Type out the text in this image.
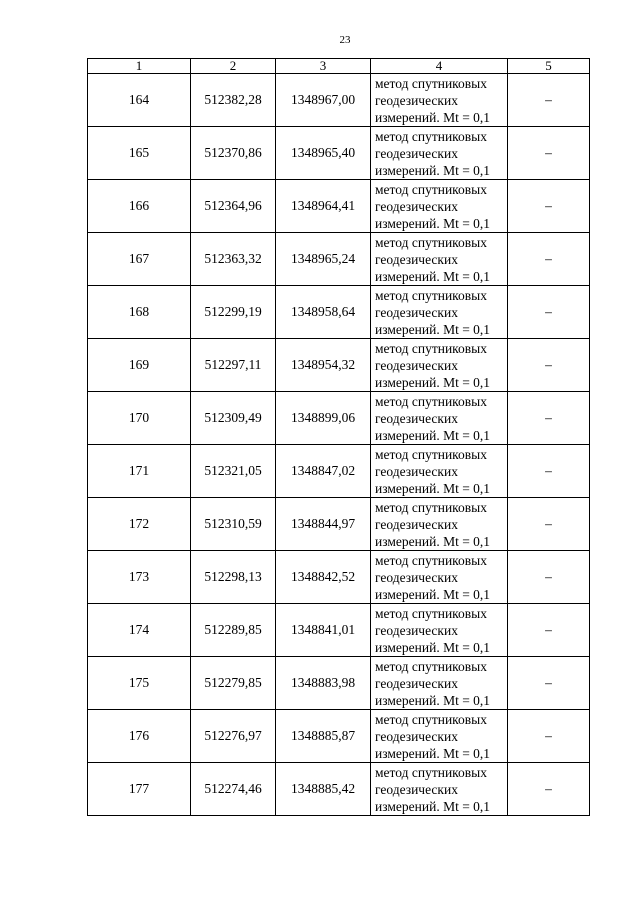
23
1	2	3	4	5
164	512382,28	1348967,00	метод спутниковых
геодезических
измерений. Mt = 0,1	–
165	512370,86	1348965,40	метод спутниковых
геодезических
измерений. Mt = 0,1	–
166	512364,96	1348964,41	метод спутниковых
геодезических
измерений. Mt = 0,1	–
167	512363,32	1348965,24	метод спутниковых
геодезических
измерений. Mt = 0,1	–
168	512299,19	1348958,64	метод спутниковых
геодезических
измерений. Mt = 0,1	–
169	512297,11	1348954,32	метод спутниковых
геодезических
измерений. Mt = 0,1	–
170	512309,49	1348899,06	метод спутниковых
геодезических
измерений. Mt = 0,1	–
171	512321,05	1348847,02	метод спутниковых
геодезических
измерений. Mt = 0,1	–
172	512310,59	1348844,97	метод спутниковых
геодезических
измерений. Mt = 0,1	–
173	512298,13	1348842,52	метод спутниковых
геодезических
измерений. Mt = 0,1	–
174	512289,85	1348841,01	метод спутниковых
геодезических
измерений. Mt = 0,1	–
175	512279,85	1348883,98	метод спутниковых
геодезических
измерений. Mt = 0,1	–
176	512276,97	1348885,87	метод спутниковых
геодезических
измерений. Mt = 0,1	–
177	512274,46	1348885,42	метод спутниковых
геодезических
измерений. Mt = 0,1	–
